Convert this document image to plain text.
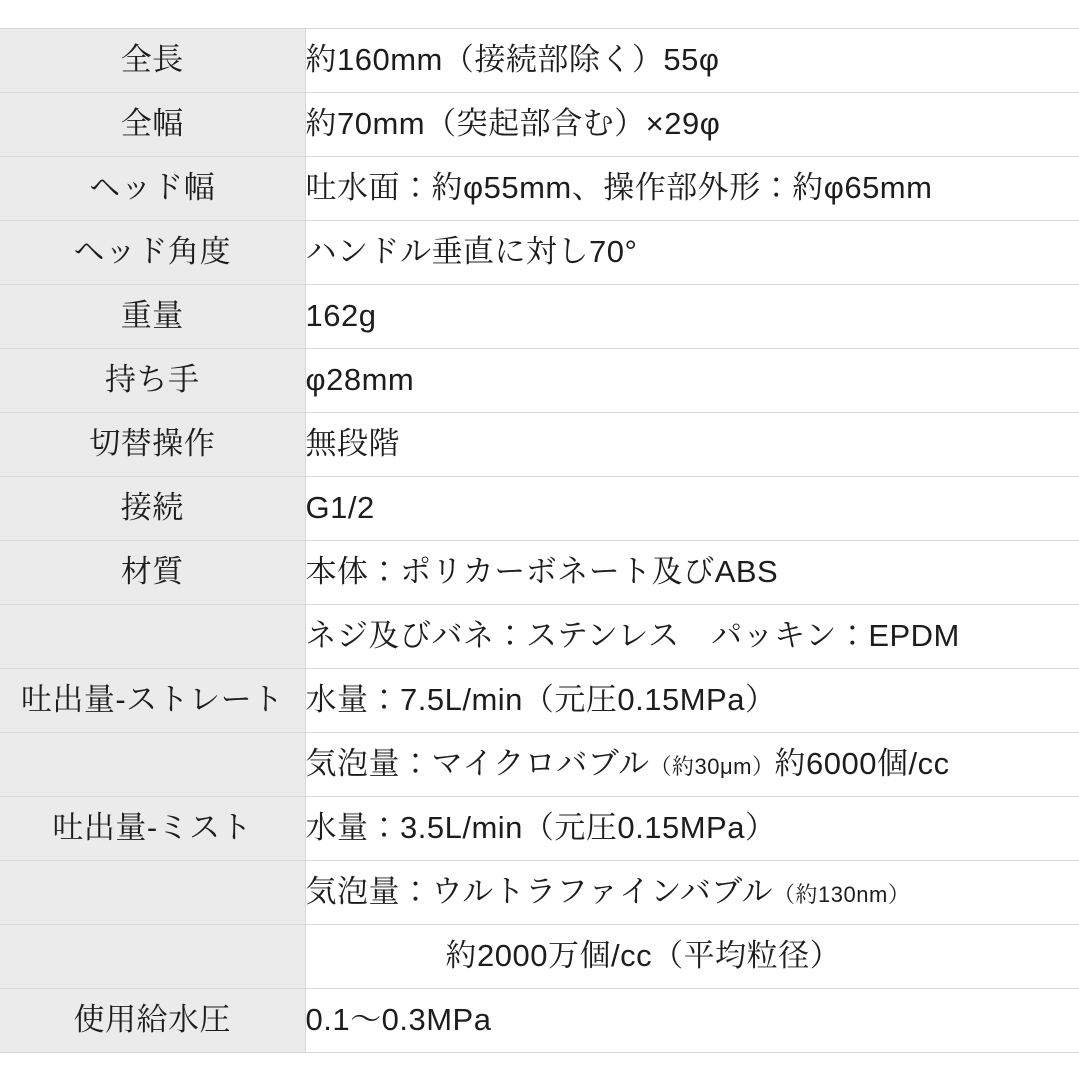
全長	約160mm（接続部除く）55φ
全幅	約70mm（突起部含む）×29φ
ヘッド幅	吐水面：約φ55mm、操作部外形：約φ65mm
ヘッド角度	ハンドル垂直に対し70°
重量	162g
持ち手	φ28mm
切替操作	無段階
接続	G1/2
材質	本体：ポリカーボネート及びABS
	ネジ及びバネ：ステンレス　パッキン：EPDM
吐出量-ストレート	水量：7.5L/min（元圧0.15MPa）
	気泡量：マイクロバブル（約30μm）約6000個/cc
吐出量-ミスト	水量：3.5L/min（元圧0.15MPa）
	気泡量：ウルトラファインバブル（約130nm）
	約2000万個/cc（平均粒径）
使用給水圧	0.1〜0.3MPa
